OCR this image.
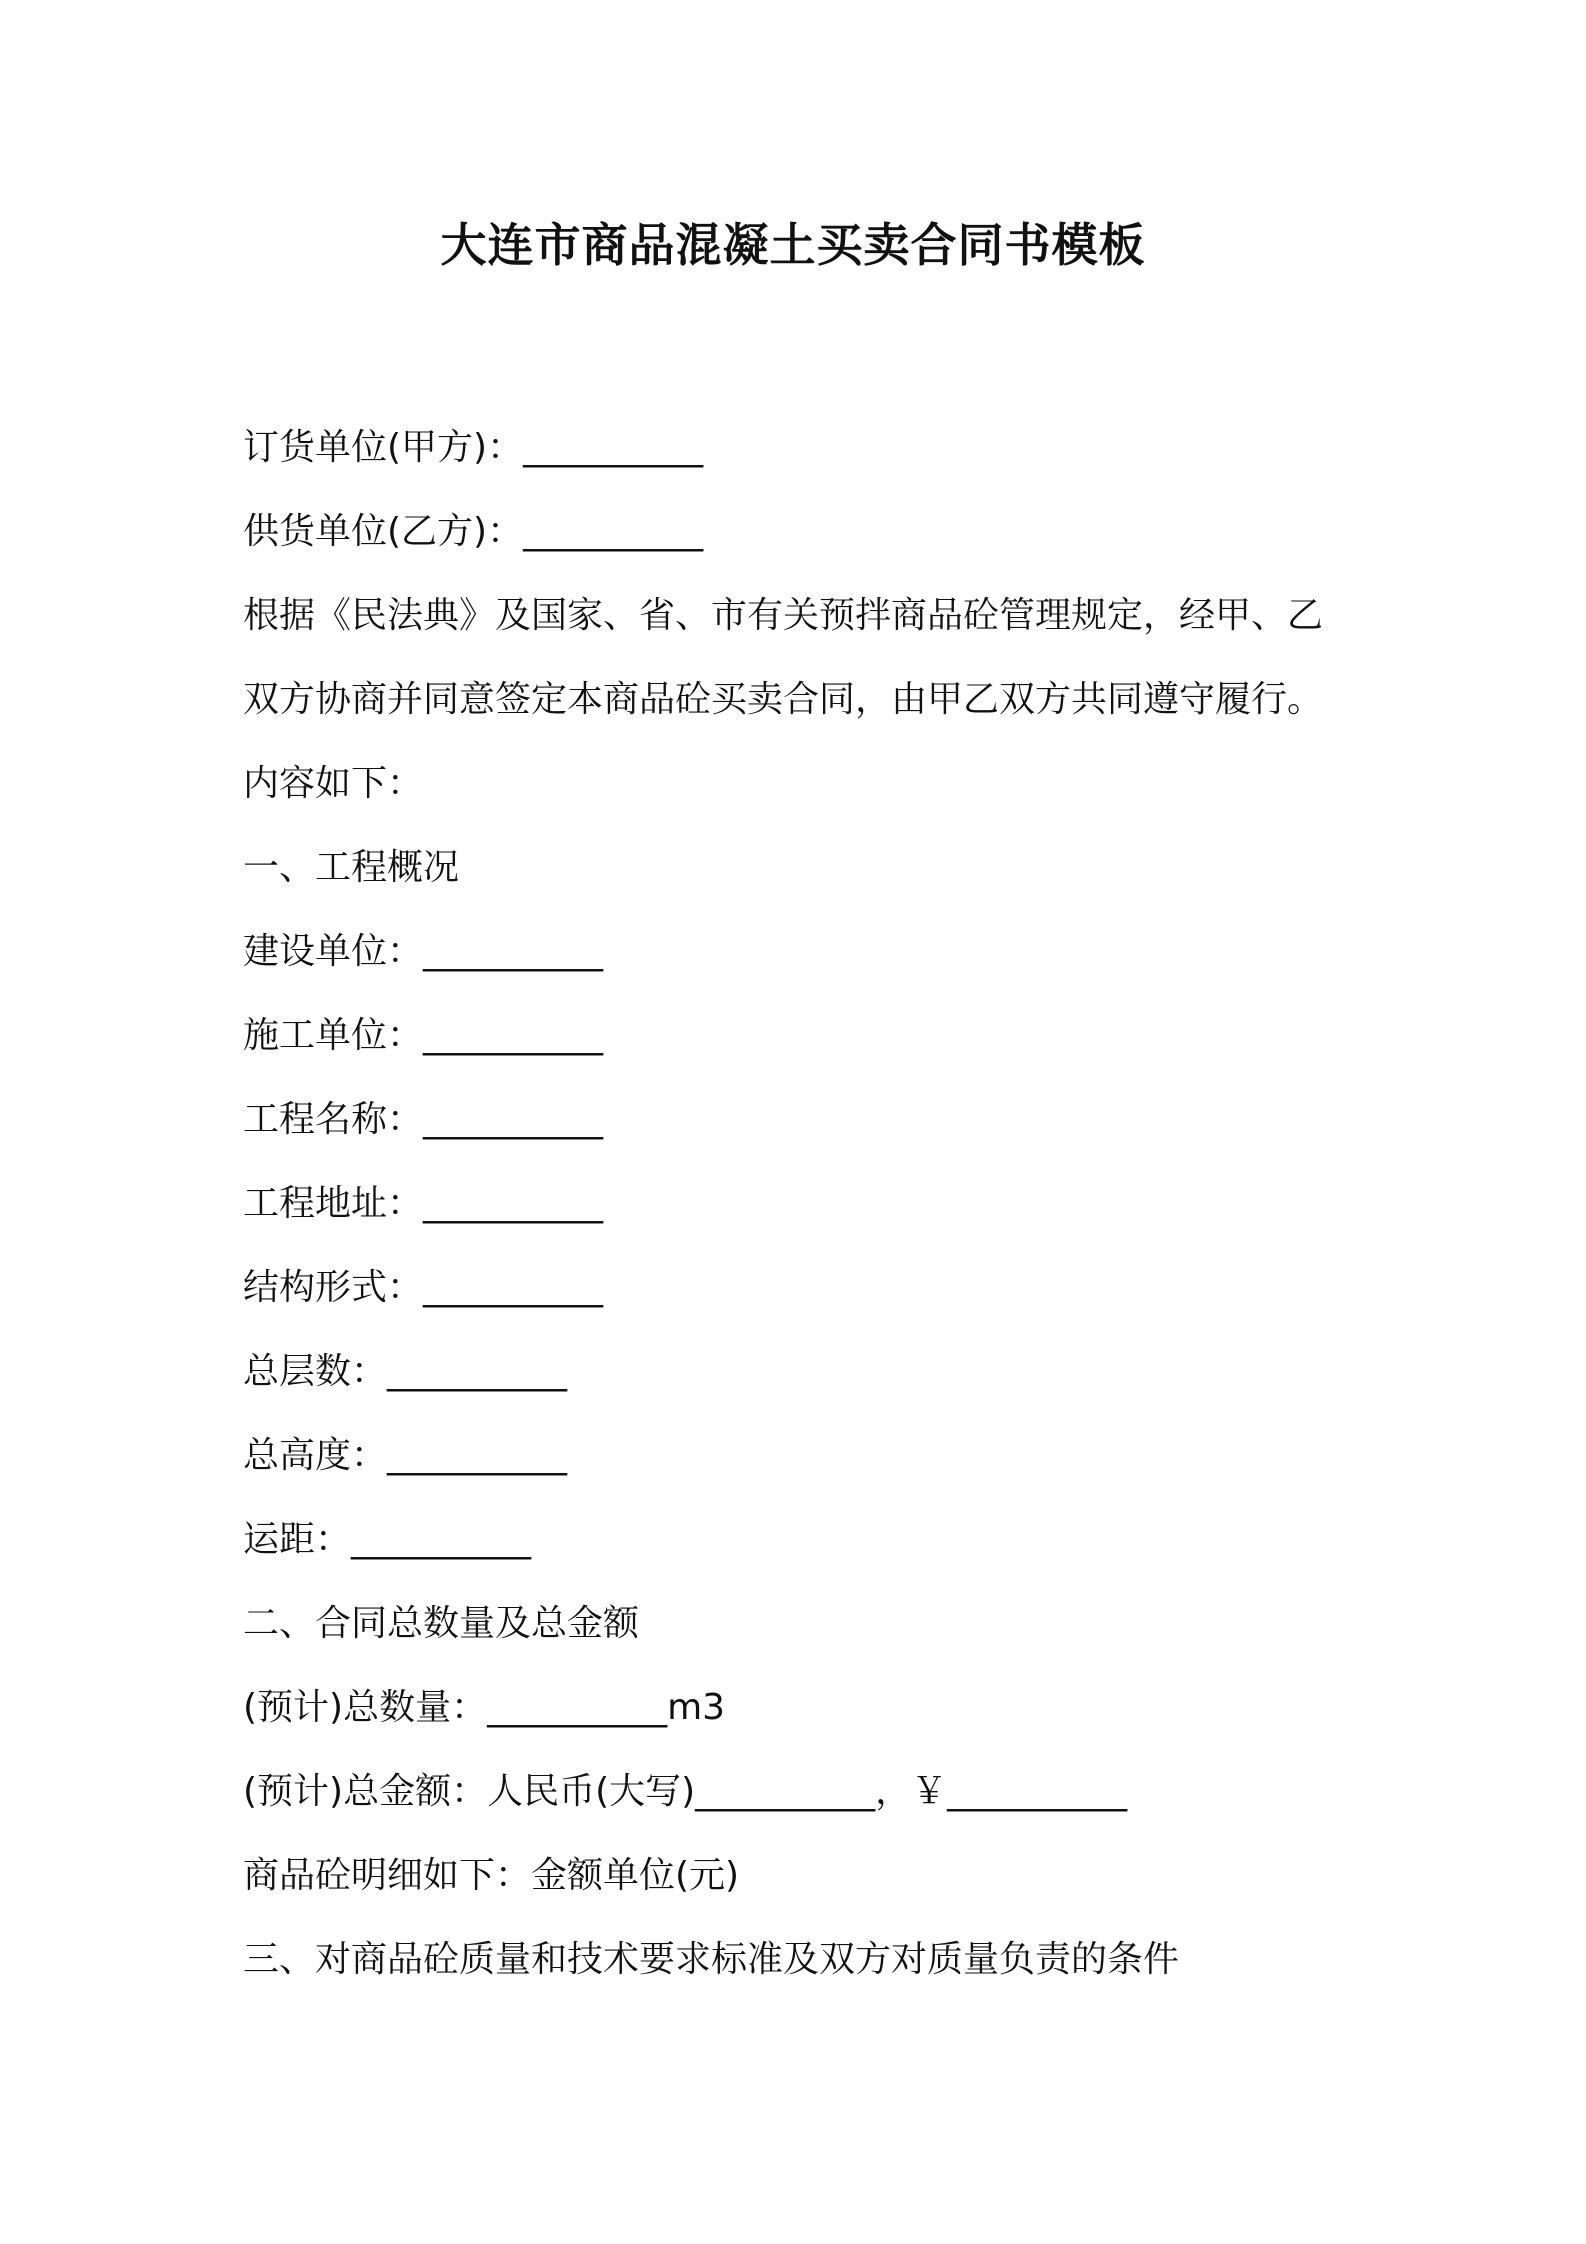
大连市商品混凝土买卖合同书模板
订货单位(甲方)：__________
供货单位(乙方)：__________
根据《民法典》及国家、省、市有关预拌商品砼管理规定，经甲、乙
双方协商并同意签定本商品砼买卖合同，由甲乙双方共同遵守履行。
内容如下：
一、工程概况
建设单位：__________
施工单位：__________
工程名称：__________
工程地址：__________
结构形式：__________
总层数：__________
总高度：__________
运距：__________
二、合同总数量及总金额
(预计)总数量：__________m3
(预计)总金额：人民币(大写)__________，￥__________
商品砼明细如下：金额单位(元)
三、对商品砼质量和技术要求标准及双方对质量负责的条件
